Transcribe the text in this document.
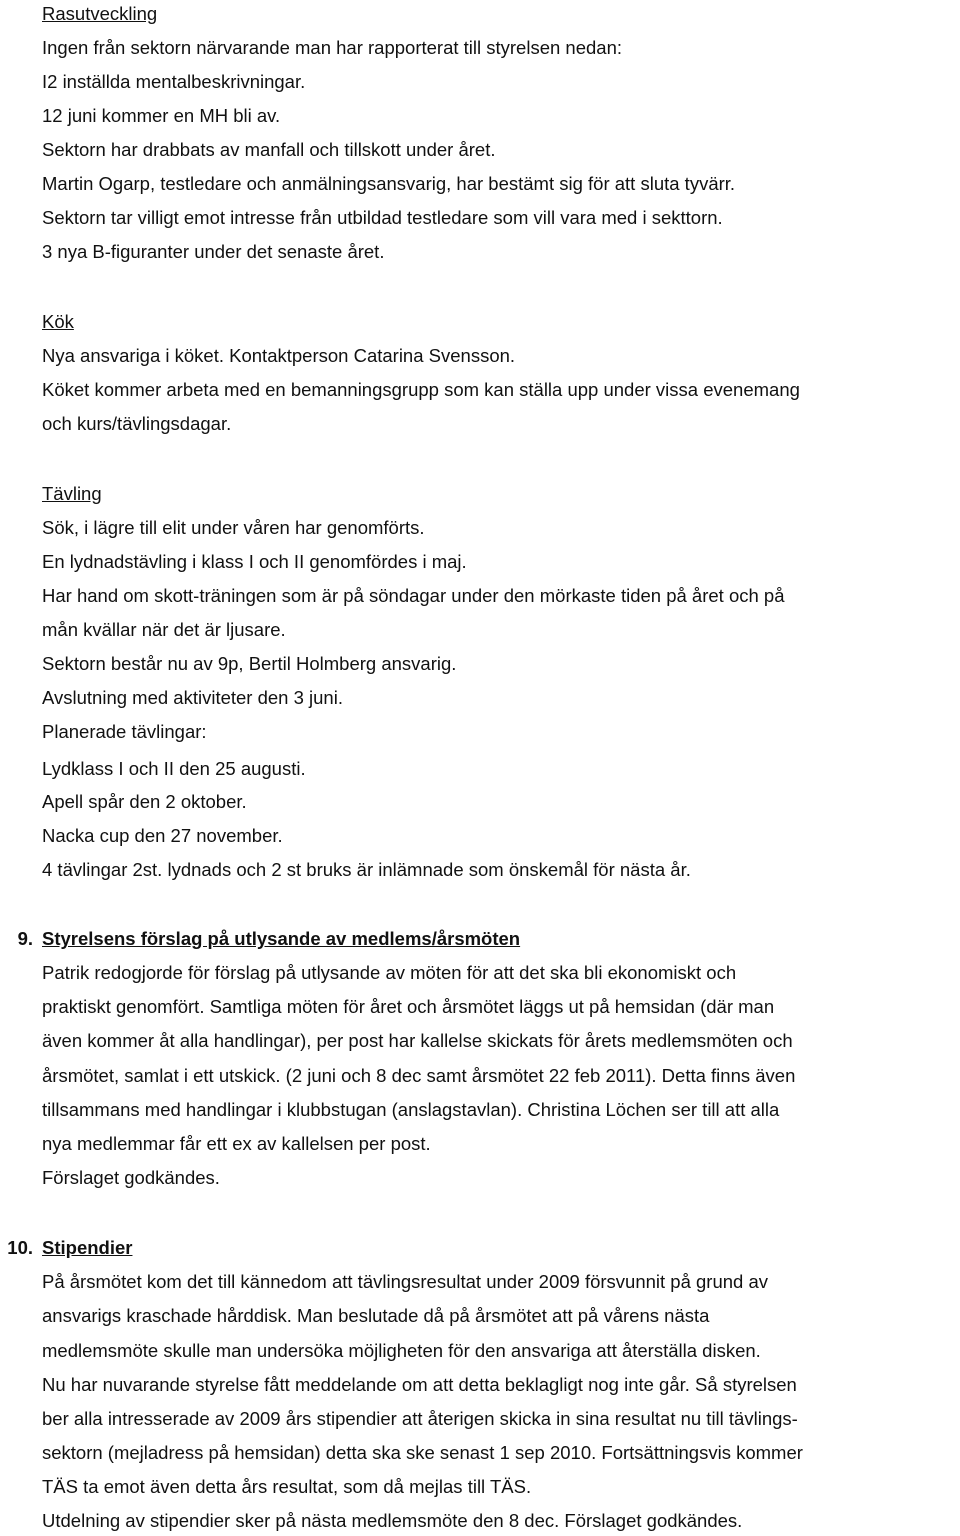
Rasutveckling
Ingen från sektorn närvarande man har rapporterat till styrelsen nedan:
I2 inställda mentalbeskrivningar.
12 juni kommer en MH bli av.
Sektorn har drabbats av manfall och tillskott under året.
Martin Ogarp, testledare och anmälningsansvarig, har bestämt sig för att sluta tyvärr.
Sektorn tar villigt emot intresse från utbildad testledare som vill vara med i sekttorn.
3 nya B-figuranter under det senaste året.
Kök
Nya ansvariga i köket. Kontaktperson Catarina Svensson.
Köket kommer arbeta med en bemanningsgrupp som kan ställa upp under vissa evenemang
och kurs/tävlingsdagar.
Tävling
Sök, i lägre till elit under våren har genomförts.
En lydnadstävling i klass I och II genomfördes i maj.
Har hand om skott-träningen som är på söndagar under den mörkaste tiden på året och på
mån kvällar när det är ljusare.
Sektorn består nu av 9p, Bertil Holmberg ansvarig.
Avslutning med aktiviteter den 3 juni.
Planerade tävlingar:
Lydklass I och II den 25 augusti.
Apell spår den 2 oktober.
Nacka cup den 27 november.
4 tävlingar 2st. lydnads och 2 st bruks är inlämnade som önskemål för nästa år.
9. Styrelsens förslag på utlysande av medlems/årsmöten
Patrik redogjorde för förslag på utlysande av möten för att det ska bli ekonomiskt och
praktiskt genomfört. Samtliga möten för året och årsmötet läggs ut på hemsidan (där man
även kommer åt alla handlingar), per post har kallelse skickats för årets medlemsmöten och
årsmötet, samlat i ett utskick. (2 juni och 8 dec samt årsmötet 22 feb 2011). Detta finns även
tillsammans med handlingar i klubbstugan (anslagstavlan). Christina Löchen ser till att alla
nya medlemmar får ett ex av kallelsen per post.
Förslaget godkändes.
10. Stipendier
På årsmötet kom det till kännedom att tävlingsresultat under 2009 försvunnit på grund av
ansvarigs kraschade hårddisk. Man beslutade då på årsmötet att på vårens nästa
medlemsmöte skulle man undersöka möjligheten för den ansvariga att återställa disken.
Nu har nuvarande styrelse fått meddelande om att detta beklagligt nog inte går. Så styrelsen
ber alla intresserade av 2009 års stipendier att återigen skicka in sina resultat nu till tävlings-
sektorn (mejladress på hemsidan) detta ska ske senast 1 sep 2010. Fortsättningsvis kommer
TÄS ta emot även detta års resultat, som då mejlas till TÄS.
Utdelning av stipendier sker på nästa medlemsmöte den 8 dec. Förslaget godkändes.
